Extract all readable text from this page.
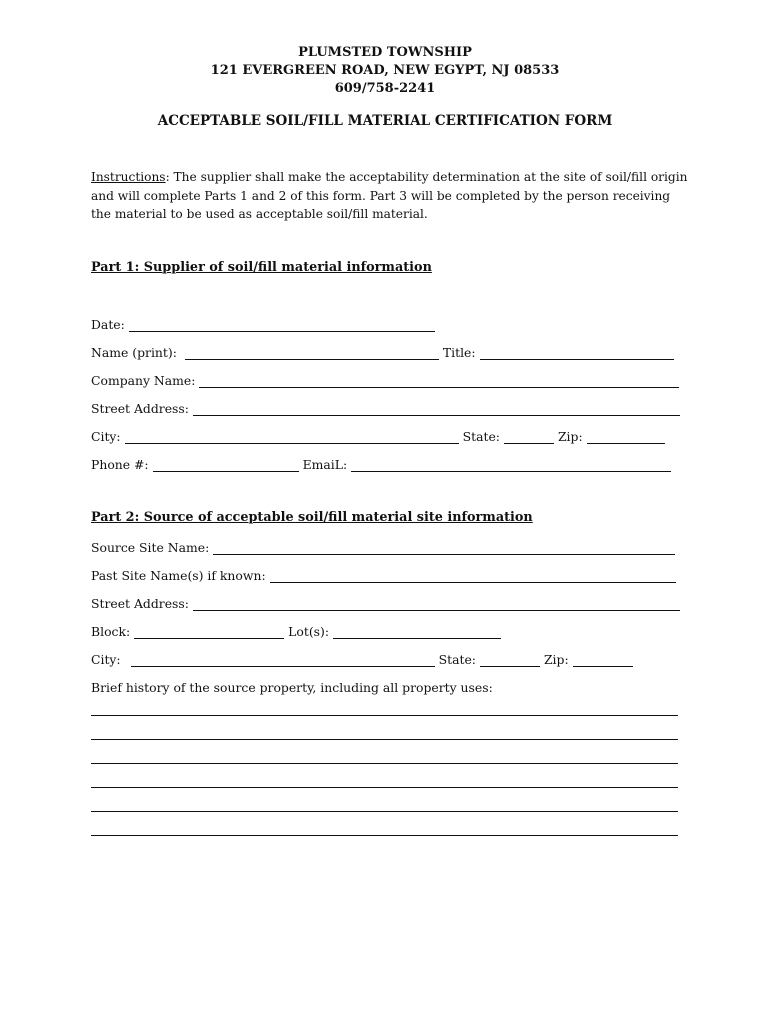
PLUMSTED TOWNSHIP
121 EVERGREEN ROAD, NEW EGYPT, NJ 08533
609/758-2241
ACCEPTABLE SOIL/FILL MATERIAL CERTIFICATION FORM
Instructions: The supplier shall make the acceptability determination at the site of soil/fill origin and will complete Parts 1 and 2 of this form. Part 3 will be completed by the person receiving the material to be used as acceptable soil/fill material.
Part 1: Supplier of soil/fill material information
Date:
Name (print):	Title:
Company Name:
Street Address:
City:	State:	Zip:
Phone #:	EmaiL:
Part 2: Source of acceptable soil/fill material site information
Source Site Name:
Past Site Name(s) if known:
Street Address:
Block:	Lot(s):
City:	State:	Zip:
Brief history of the source property, including all property uses:
